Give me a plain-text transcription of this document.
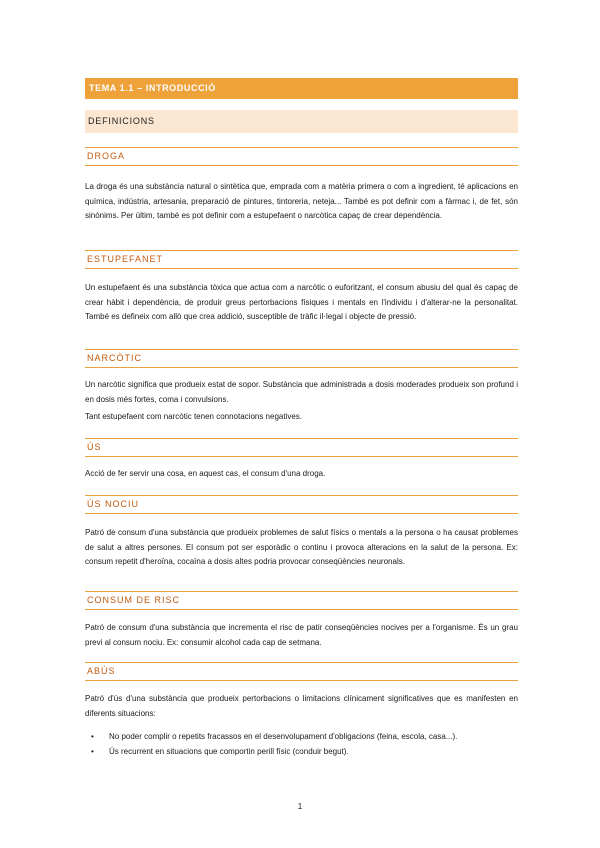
TEMA 1.1 – INTRODUCCIÓ
DEFINICIONS
DROGA

La droga és una substància natural o sintètica que, emprada com a matèria primera o com a ingredient, té aplicacions en química, indústria, artesania, preparació de pintures, tintoreria, neteja... També es pot definir com a fàrmac i, de fet, són sinònims. Per últim, també es pot definir com a estupefaent o narcòtica capaç de crear dependència.

ESTUPEFANET

Un estupefaent és una substància tòxica que actua com a narcòtic o euforitzant, el consum abusiu del qual és capaç de crear hàbit i dependència, de produir greus pertorbacions físiques i mentals en l'individu i d'alterar-ne la personalitat. També es defineix com allò que crea addició, susceptible de tràfic il·legal i objecte de pressió.

NARCÒTIC

Un narcòtic significa que produeix estat de sopor. Substància que administrada a dosis moderades produeix son profund i en dosis més fortes, coma i convulsions.

Tant estupefaent com narcòtic tenen connotacions negatives.

ÚS

Acció de fer servir una cosa, en aquest cas, el consum d'una droga.

ÚS NOCIU

Patró de consum d'una substància que produeix problemes de salut físics o mentals a la persona o ha causat problemes de salut a altres persones. El consum pot ser esporàdic o continu i provoca alteracions en la salut de la persona. Ex: consum repetit d'heroïna, cocaïna a dosis altes podria provocar conseqüències neuronals.

CONSUM DE RISC

Patró de consum d'una substància que incrementa el risc de patir conseqüències nocives per a l'organisme. És un grau previ al consum nociu. Ex: consumir alcohol cada cap de setmana.

ABÚS

Patró d'ús d'una substància que produeix pertorbacions o limitacions clínicament significatives que es manifesten en diferents situacions:

• No poder complir o repetits fracassos en el desenvolupament d'obligacions (feina, escola, casa...).
• Ús recurrent en situacions que comportin perill físic (conduir begut).
1
